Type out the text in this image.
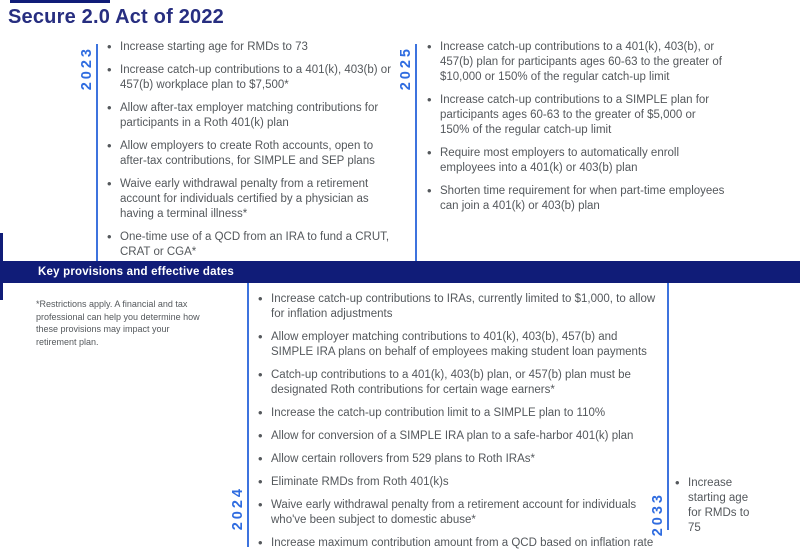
Secure 2.0 Act of 2022
2023	• Increase starting age for RMDs to 73
• Increase catch-up contributions to a 401(k), 403(b) or 457(b) workplace plan to $7,500*
• Allow after-tax employer matching contributions for participants in a Roth 401(k) plan
• Allow employers to create Roth accounts, open to after-tax contributions, for SIMPLE and SEP plans
• Waive early withdrawal penalty from a retirement account for individuals certified by a physician as having a terminal illness*
• One-time use of a QCD from an IRA to fund a CRUT, CRAT or CGA*
2025	• Increase catch-up contributions to a 401(k), 403(b), or 457(b) plan for participants ages 60-63 to the greater of $10,000 or 150% of the regular catch-up limit
• Increase catch-up contributions to a SIMPLE plan for participants ages 60-63 to the greater of $5,000 or 150% of the regular catch-up limit
• Require most employers to automatically enroll employees into a 401(k) or 403(b) plan
• Shorten time requirement for when part-time employees can join a 401(k) or 403(b) plan
Key provisions and effective dates

*Restrictions apply. A financial and tax professional can help you determine how these provisions may impact your retirement plan.

2024
• Increase catch-up contributions to IRAs, currently limited to $1,000, to allow for inflation adjustments
• Allow employer matching contributions to 401(k), 403(b), 457(b) and SIMPLE IRA plans on behalf of employees making student loan payments
• Catch-up contributions to a 401(k), 403(b) plan, or 457(b) plan must be designated Roth contributions for certain wage earners*
• Increase the catch-up contribution limit to a SIMPLE plan to 110%
• Allow for conversion of a SIMPLE IRA plan to a safe-harbor 401(k) plan
• Allow certain rollovers from 529 plans to Roth IRAs*
• Eliminate RMDs from Roth 401(k)s
• Waive early withdrawal penalty from a retirement account for individuals who've been subject to domestic abuse*
• Increase maximum contribution amount from a QCD based on inflation rate
2033
• Increase starting age for RMDs to 75
